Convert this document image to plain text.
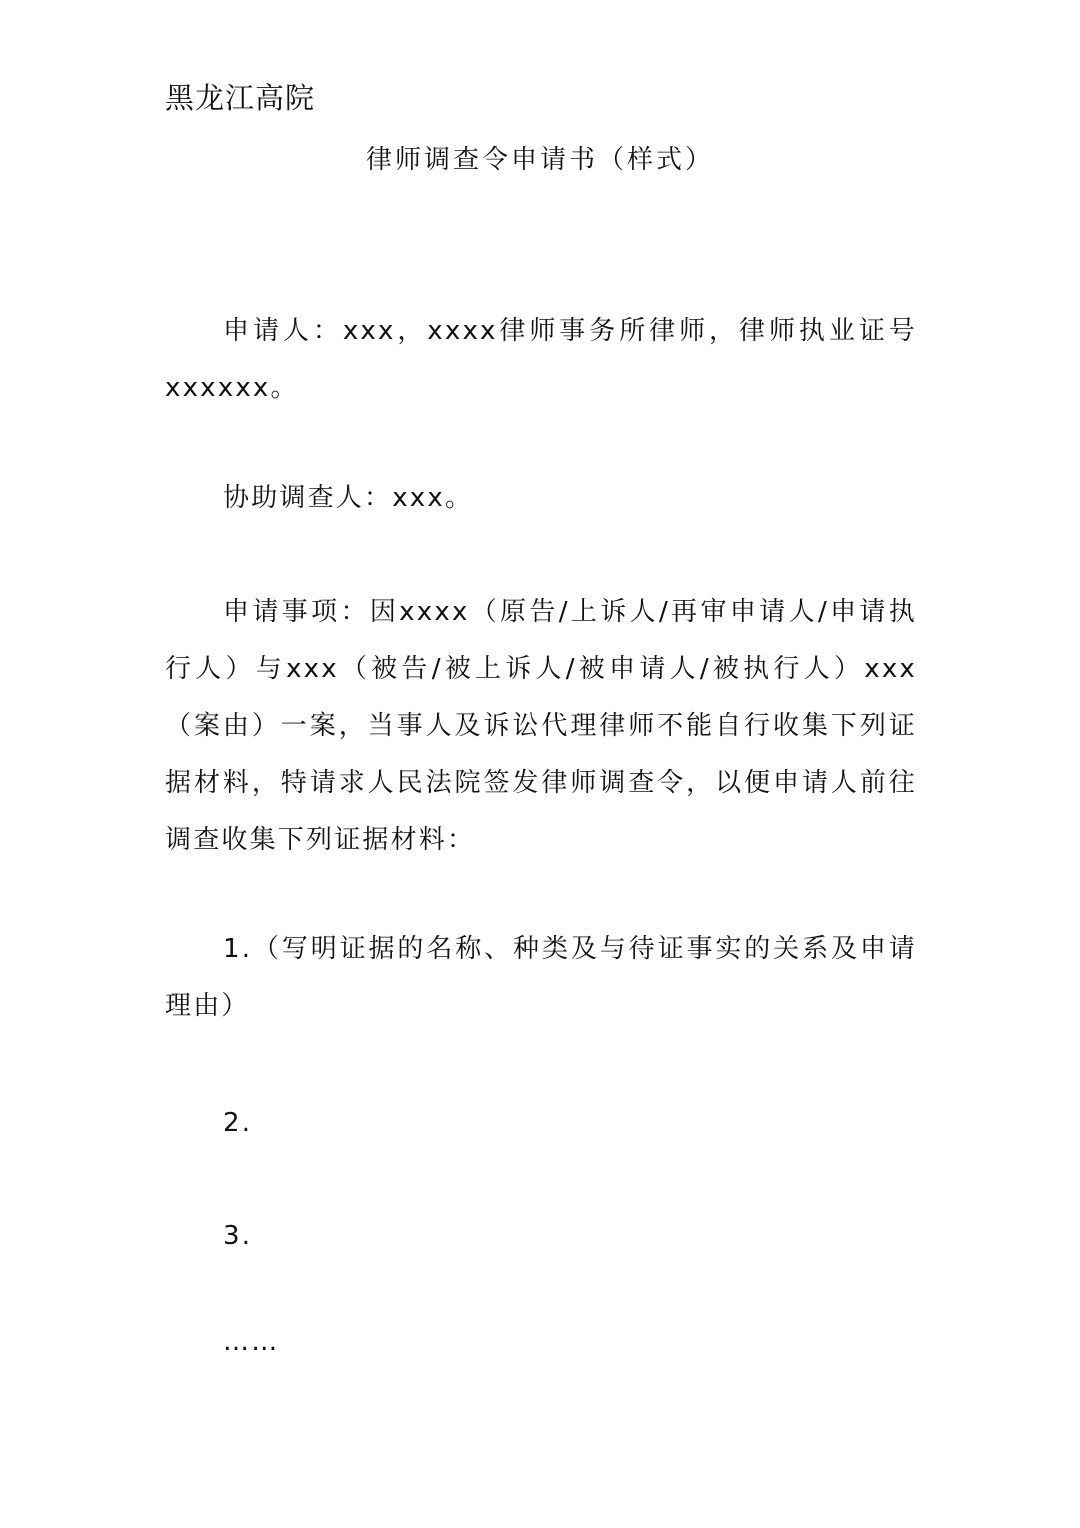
黑龙江高院
律师调查令申请书（样式）
申请人：xxx，xxxx律师事务所律师，律师执业证号xxxxxx。
协助调查人：xxx。
申请事项：因xxxx（原告/上诉人/再审申请人/申请执行人）与xxx（被告/被上诉人/被申请人/被执行人）xxx（案由）一案，当事人及诉讼代理律师不能自行收集下列证据材料，特请求人民法院签发律师调查令，以便申请人前往调查收集下列证据材料：
1.（写明证据的名称、种类及与待证事实的关系及申请理由）
2.
3.
……
